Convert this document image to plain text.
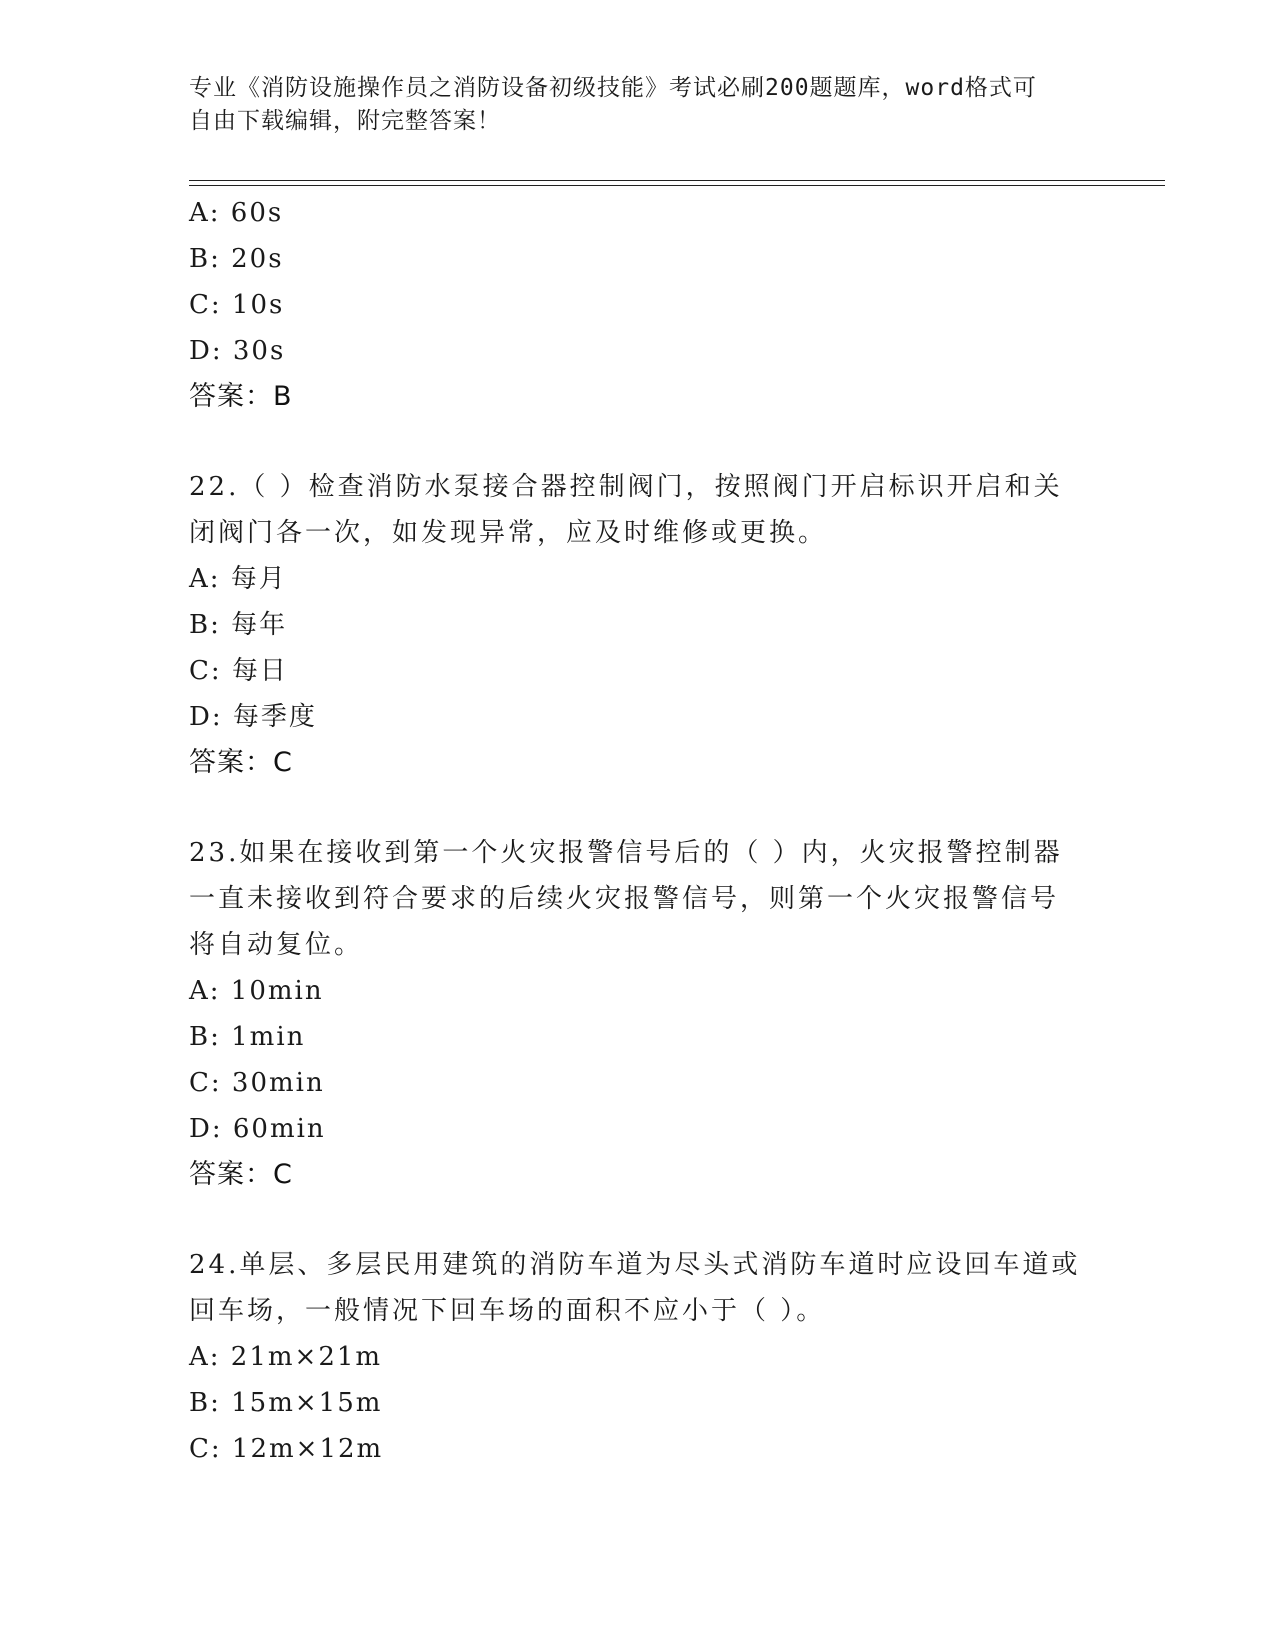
专业《消防设施操作员之消防设备初级技能》考试必刷200题题库，word格式可
自由下载编辑，附完整答案！
A: 60s
B: 20s
C: 10s
D: 30s
答案：B
22.（ ）检查消防水泵接合器控制阀门，按照阀门开启标识开启和关
闭阀门各一次，如发现异常，应及时维修或更换。
A: 每月
B: 每年
C: 每日
D: 每季度
答案：C
23.如果在接收到第一个火灾报警信号后的（ ）内，火灾报警控制器
一直未接收到符合要求的后续火灾报警信号，则第一个火灾报警信号
将自动复位。
A: 10min
B: 1min
C: 30min
D: 60min
答案：C
24.单层、多层民用建筑的消防车道为尽头式消防车道时应设回车道或
回车场，一般情况下回车场的面积不应小于（ ）。
A: 21m×21m
B: 15m×15m
C: 12m×12m
